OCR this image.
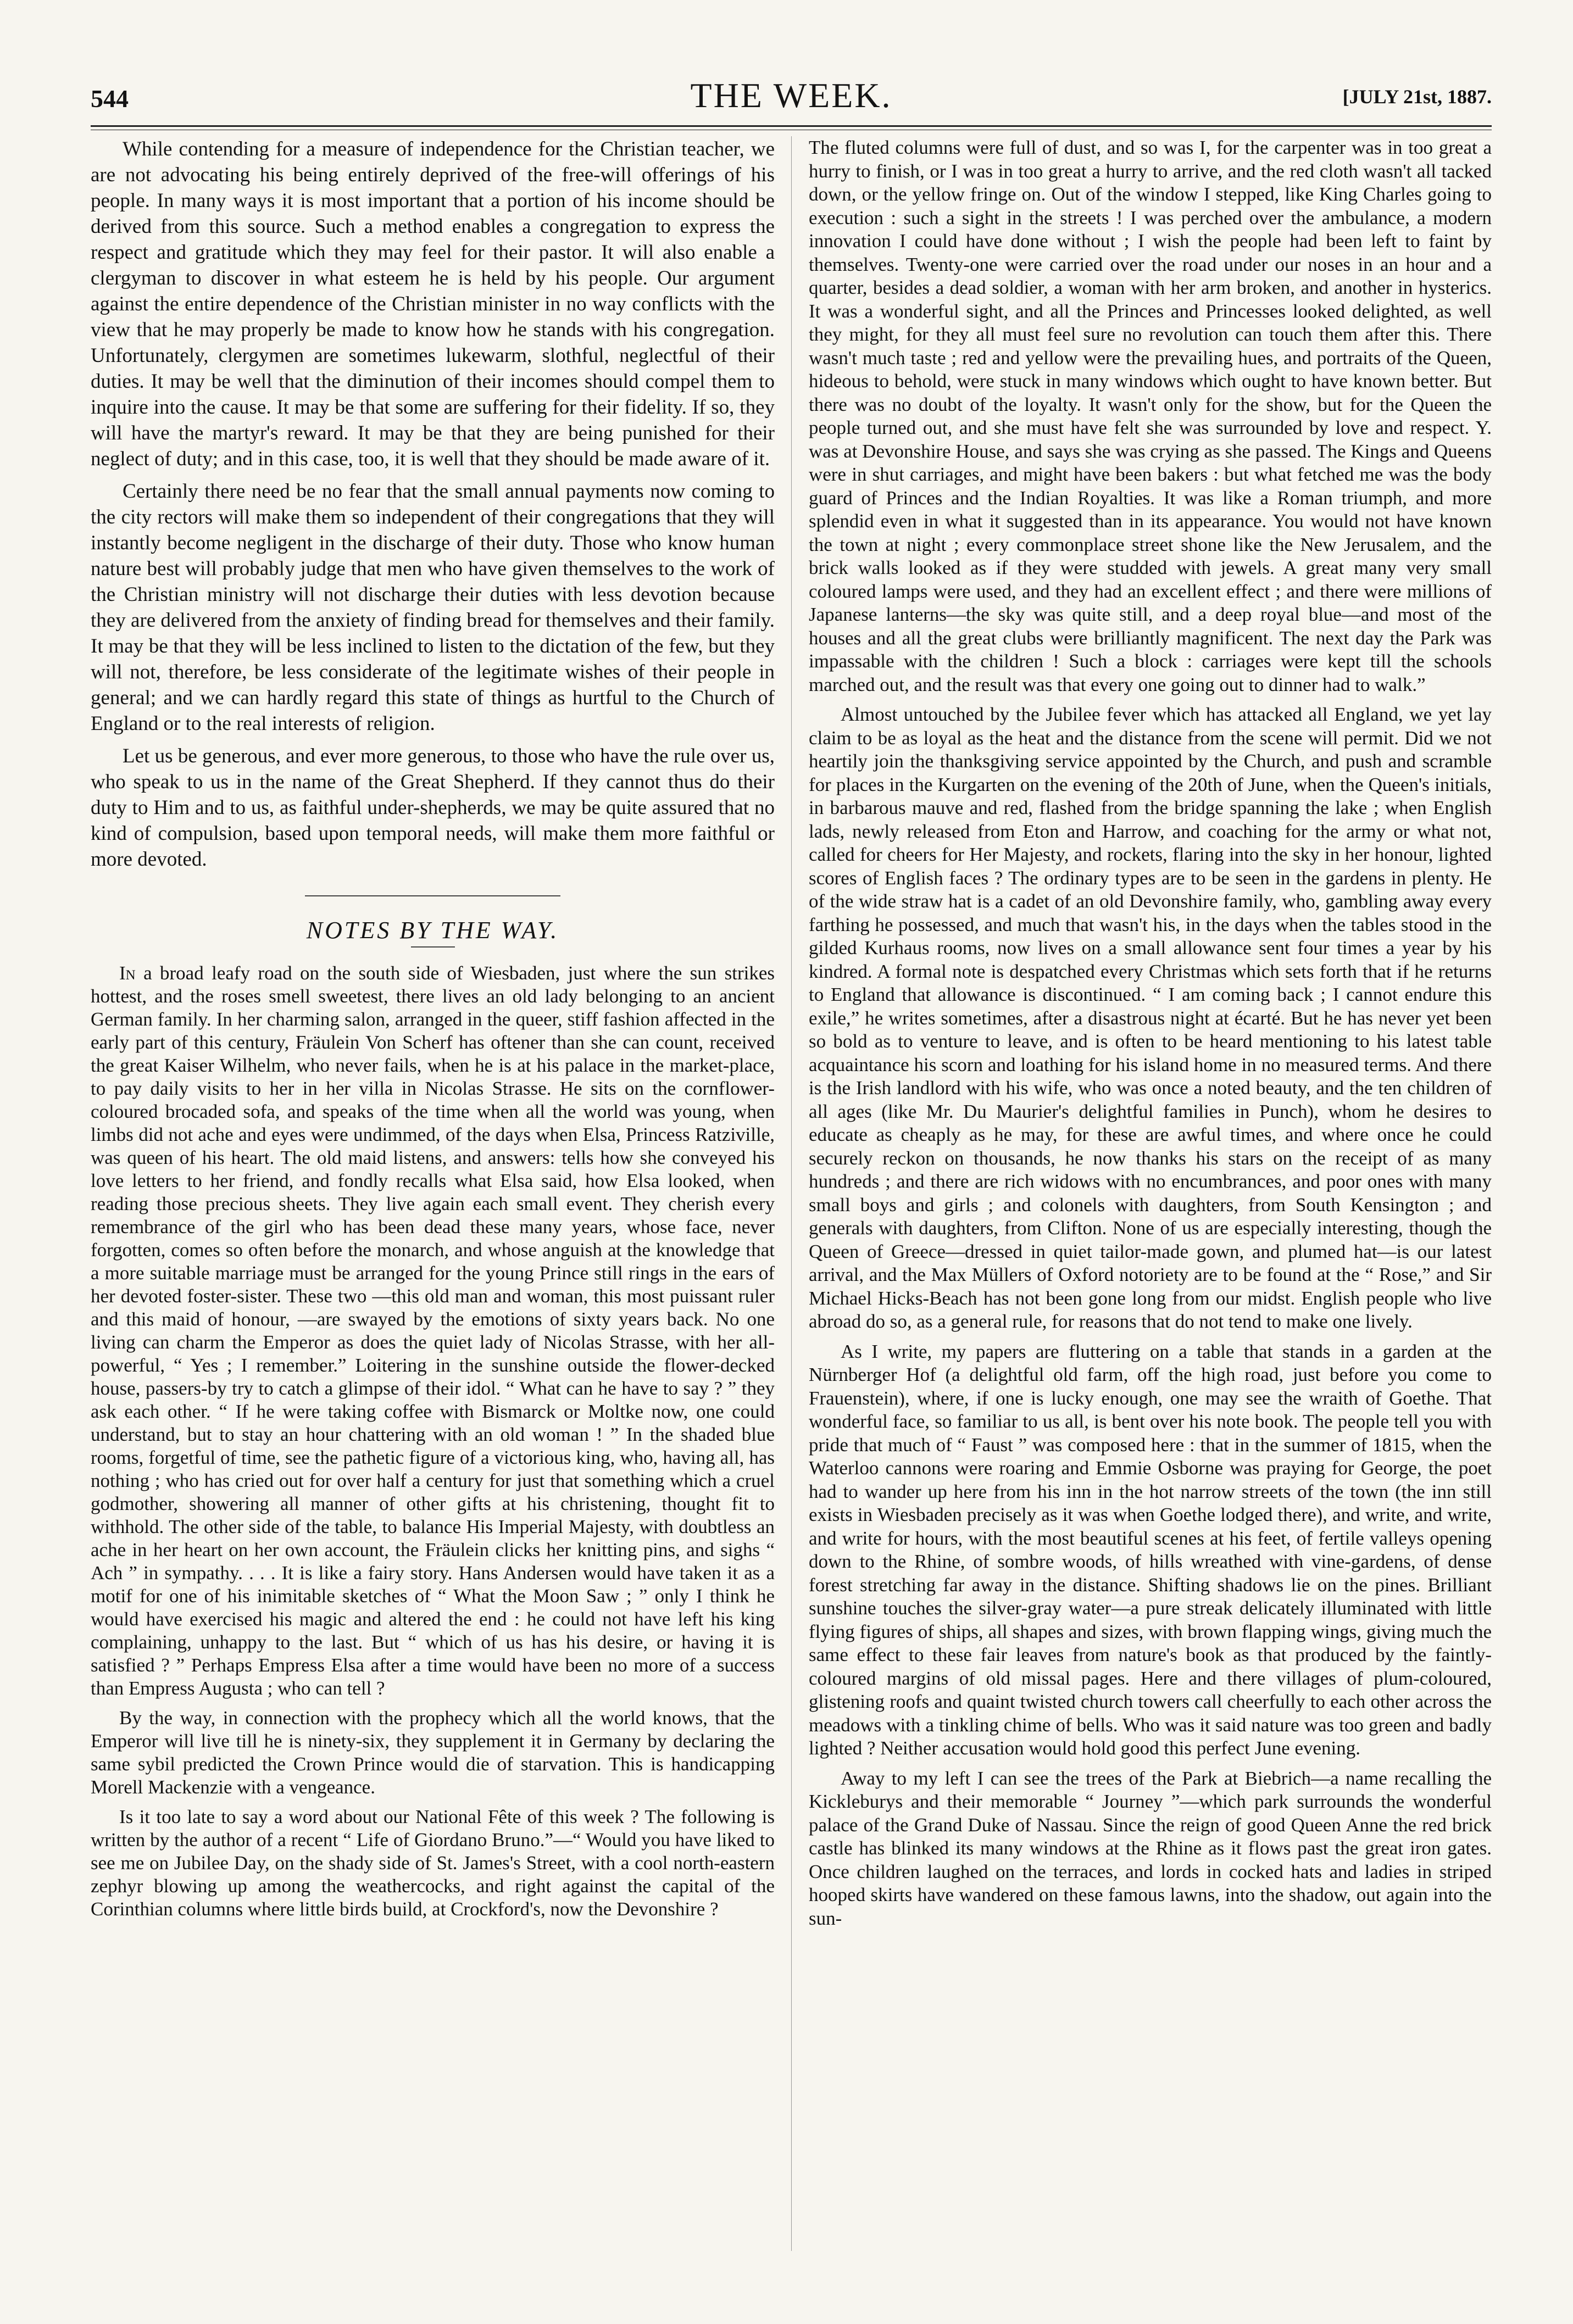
544	THE WEEK.	[JULY 21st, 1887.

While contending for a measure of independence for the Christian teacher, we are not advocating his being entirely deprived of the free-will offerings of his people. In many ways it is most important that a portion of his income should be derived from this source. Such a method enables a congregation to express the respect and gratitude which they may feel for their pastor. It will also enable a clergyman to discover in what esteem he is held by his people. Our argument against the entire dependence of the Christian minister in no way conflicts with the view that he may properly be made to know how he stands with his congregation. Unfortunately, clergymen are sometimes lukewarm, slothful, neglectful of their duties. It may be well that the diminution of their incomes should compel them to inquire into the cause. It may be that some are suffering for their fidelity. If so, they will have the martyr's reward. It may be that they are being punished for their neglect of duty; and in this case, too, it is well that they should be made aware of it.

Certainly there need be no fear that the small annual payments now coming to the city rectors will make them so independent of their congregations that they will instantly become negligent in the discharge of their duty. Those who know human nature best will probably judge that men who have given themselves to the work of the Christian ministry will not discharge their duties with less devotion because they are delivered from the anxiety of finding bread for themselves and their family. It may be that they will be less inclined to listen to the dictation of the few, but they will not, therefore, be less considerate of the legitimate wishes of their people in general; and we can hardly regard this state of things as hurtful to the Church of England or to the real interests of religion.

Let us be generous, and ever more generous, to those who have the rule over us, who speak to us in the name of the Great Shepherd. If they cannot thus do their duty to Him and to us, as faithful under-shepherds, we may be quite assured that no kind of compulsion, based upon temporal needs, will make them more faithful or more devoted.

NOTES BY THE WAY.

In a broad leafy road on the south side of Wiesbaden, just where the sun strikes hottest, and the roses smell sweetest, there lives an old lady belonging to an ancient German family. In her charming salon, arranged in the queer, stiff fashion affected in the early part of this century, Fräulein Von Scherf has oftener than she can count, received the great Kaiser Wilhelm, who never fails, when he is at his palace in the market-place, to pay daily visits to her in her villa in Nicolas Strasse. He sits on the cornflower-coloured brocaded sofa, and speaks of the time when all the world was young, when limbs did not ache and eyes were undimmed, of the days when Elsa, Princess Ratziville, was queen of his heart. The old maid listens, and answers: tells how she conveyed his love letters to her friend, and fondly recalls what Elsa said, how Elsa looked, when reading those precious sheets. They live again each small event. They cherish every remembrance of the girl who has been dead these many years, whose face, never forgotten, comes so often before the monarch, and whose anguish at the knowledge that a more suitable marriage must be arranged for the young Prince still rings in the ears of her devoted foster-sister. These two —this old man and woman, this most puissant ruler and this maid of honour, —are swayed by the emotions of sixty years back. No one living can charm the Emperor as does the quiet lady of Nicolas Strasse, with her all-powerful, “ Yes ; I remember.” Loitering in the sunshine outside the flower-decked house, passers-by try to catch a glimpse of their idol. “ What can he have to say ? ” they ask each other. “ If he were taking coffee with Bismarck or Moltke now, one could understand, but to stay an hour chattering with an old woman ! ” In the shaded blue rooms, forgetful of time, see the pathetic figure of a victorious king, who, having all, has nothing ; who has cried out for over half a century for just that something which a cruel godmother, showering all manner of other gifts at his christening, thought fit to withhold. The other side of the table, to balance His Imperial Majesty, with doubtless an ache in her heart on her own account, the Fräulein clicks her knitting pins, and sighs “ Ach ” in sympathy. . . . It is like a fairy story. Hans Andersen would have taken it as a motif for one of his inimitable sketches of “ What the Moon Saw ; ” only I think he would have exercised his magic and altered the end : he could not have left his king complaining, unhappy to the last. But “ which of us has his desire, or having it is satisfied ? ” Perhaps Empress Elsa after a time would have been no more of a success than Empress Augusta ; who can tell ?

By the way, in connection with the prophecy which all the world knows, that the Emperor will live till he is ninety-six, they supplement it in Germany by declaring the same sybil predicted the Crown Prince would die of starvation. This is handicapping Morell Mackenzie with a vengeance.

Is it too late to say a word about our National Fête of this week ? The following is written by the author of a recent “ Life of Giordano Bruno.”—“ Would you have liked to see me on Jubilee Day, on the shady side of St. James's Street, with a cool north-eastern zephyr blowing up among the weathercocks, and right against the capital of the Corinthian columns where little birds build, at Crockford's, now the Devonshire ?

The fluted columns were full of dust, and so was I, for the carpenter was in too great a hurry to finish, or I was in too great a hurry to arrive, and the red cloth wasn't all tacked down, or the yellow fringe on. Out of the window I stepped, like King Charles going to execution : such a sight in the streets ! I was perched over the ambulance, a modern innovation I could have done without ; I wish the people had been left to faint by themselves. Twenty-one were carried over the road under our noses in an hour and a quarter, besides a dead soldier, a woman with her arm broken, and another in hysterics. It was a wonderful sight, and all the Princes and Princesses looked delighted, as well they might, for they all must feel sure no revolution can touch them after this. There wasn't much taste ; red and yellow were the prevailing hues, and portraits of the Queen, hideous to behold, were stuck in many windows which ought to have known better. But there was no doubt of the loyalty. It wasn't only for the show, but for the Queen the people turned out, and she must have felt she was surrounded by love and respect. Y. was at Devonshire House, and says she was crying as she passed. The Kings and Queens were in shut carriages, and might have been bakers : but what fetched me was the body guard of Princes and the Indian Royalties. It was like a Roman triumph, and more splendid even in what it suggested than in its appearance. You would not have known the town at night ; every commonplace street shone like the New Jerusalem, and the brick walls looked as if they were studded with jewels. A great many very small coloured lamps were used, and they had an excellent effect ; and there were millions of Japanese lanterns—the sky was quite still, and a deep royal blue—and most of the houses and all the great clubs were brilliantly magnificent. The next day the Park was impassable with the children ! Such a block : carriages were kept till the schools marched out, and the result was that every one going out to dinner had to walk.”

Almost untouched by the Jubilee fever which has attacked all England, we yet lay claim to be as loyal as the heat and the distance from the scene will permit. Did we not heartily join the thanksgiving service appointed by the Church, and push and scramble for places in the Kurgarten on the evening of the 20th of June, when the Queen's initials, in barbarous mauve and red, flashed from the bridge spanning the lake ; when English lads, newly released from Eton and Harrow, and coaching for the army or what not, called for cheers for Her Majesty, and rockets, flaring into the sky in her honour, lighted scores of English faces ? The ordinary types are to be seen in the gardens in plenty. He of the wide straw hat is a cadet of an old Devonshire family, who, gambling away every farthing he possessed, and much that wasn't his, in the days when the tables stood in the gilded Kurhaus rooms, now lives on a small allowance sent four times a year by his kindred. A formal note is despatched every Christmas which sets forth that if he returns to England that allowance is discontinued. “ I am coming back ; I cannot endure this exile,” he writes sometimes, after a disastrous night at écarté. But he has never yet been so bold as to venture to leave, and is often to be heard mentioning to his latest table acquaintance his scorn and loathing for his island home in no measured terms. And there is the Irish landlord with his wife, who was once a noted beauty, and the ten children of all ages (like Mr. Du Maurier's delightful families in Punch), whom he desires to educate as cheaply as he may, for these are awful times, and where once he could securely reckon on thousands, he now thanks his stars on the receipt of as many hundreds ; and there are rich widows with no encumbrances, and poor ones with many small boys and girls ; and colonels with daughters, from South Kensington ; and generals with daughters, from Clifton. None of us are especially interesting, though the Queen of Greece—dressed in quiet tailor-made gown, and plumed hat—is our latest arrival, and the Max Müllers of Oxford notoriety are to be found at the “ Rose,” and Sir Michael Hicks-Beach has not been gone long from our midst. English people who live abroad do so, as a general rule, for reasons that do not tend to make one lively.

As I write, my papers are fluttering on a table that stands in a garden at the Nürnberger Hof (a delightful old farm, off the high road, just before you come to Frauenstein), where, if one is lucky enough, one may see the wraith of Goethe. That wonderful face, so familiar to us all, is bent over his note book. The people tell you with pride that much of “ Faust ” was composed here : that in the summer of 1815, when the Waterloo cannons were roaring and Emmie Osborne was praying for George, the poet had to wander up here from his inn in the hot narrow streets of the town (the inn still exists in Wiesbaden precisely as it was when Goethe lodged there), and write, and write, and write for hours, with the most beautiful scenes at his feet, of fertile valleys opening down to the Rhine, of sombre woods, of hills wreathed with vine-gardens, of dense forest stretching far away in the distance. Shifting shadows lie on the pines. Brilliant sunshine touches the silver-gray water—a pure streak delicately illuminated with little flying figures of ships, all shapes and sizes, with brown flapping wings, giving much the same effect to these fair leaves from nature's book as that produced by the faintly-coloured margins of old missal pages. Here and there villages of plum-coloured, glistening roofs and quaint twisted church towers call cheerfully to each other across the meadows with a tinkling chime of bells. Who was it said nature was too green and badly lighted ? Neither accusation would hold good this perfect June evening.

Away to my left I can see the trees of the Park at Biebrich—a name recalling the Kickleburys and their memorable “ Journey ”—which park surrounds the wonderful palace of the Grand Duke of Nassau. Since the reign of good Queen Anne the red brick castle has blinked its many windows at the Rhine as it flows past the great iron gates. Once children laughed on the terraces, and lords in cocked hats and ladies in striped hooped skirts have wandered on these famous lawns, into the shadow, out again into the sun-
